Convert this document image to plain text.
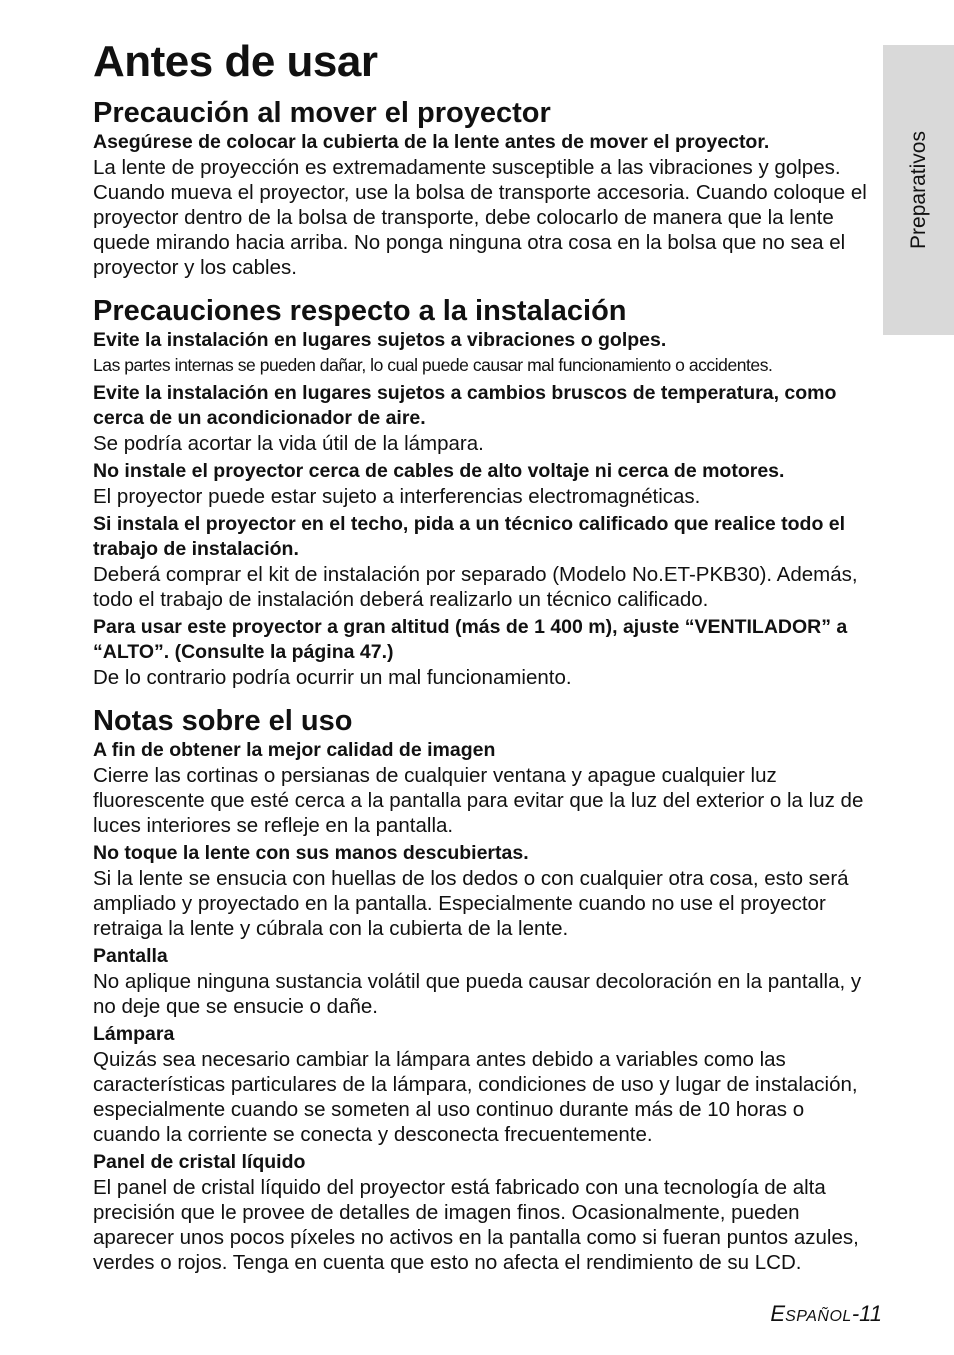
Antes de usar
Preparativos
Precaución al mover el proyector

Asegúrese de colocar la cubierta de la lente antes de mover el proyector.

La lente de proyección es extremadamente susceptible a las vibraciones y golpes. Cuando mueva el proyector, use la bolsa de transporte accesoria. Cuando coloque el proyector dentro de la bolsa de transporte, debe colocarlo de manera que la lente quede mirando hacia arriba. No ponga ninguna otra cosa en la bolsa que no sea el proyector y los cables.

Precauciones respecto a la instalación

Evite la instalación en lugares sujetos a vibraciones o golpes.

Las partes internas se pueden dañar, lo cual puede causar mal funcionamiento o accidentes.

Evite la instalación en lugares sujetos a cambios bruscos de temperatura, como cerca de un acondicionador de aire.

Se podría acortar la vida útil de la lámpara.

No instale el proyector cerca de cables de alto voltaje ni cerca de motores.

El proyector puede estar sujeto a interferencias electromagnéticas.

Si instala el proyector en el techo, pida a un técnico calificado que realice todo el trabajo de instalación.

Deberá comprar el kit de instalación por separado (Modelo No.ET-PKB30). Además, todo el trabajo de instalación deberá realizarlo un técnico calificado.

Para usar este proyector a gran altitud (más de 1 400 m), ajuste “VENTILADOR” a “ALTO”. (Consulte la página 47.)

De lo contrario podría ocurrir un mal funcionamiento.

Notas sobre el uso

A fin de obtener la mejor calidad de imagen

Cierre las cortinas o persianas de cualquier ventana y apague cualquier luz fluorescente que esté cerca a la pantalla para evitar que la luz del exterior o la luz de luces interiores se refleje en la pantalla.

No toque la lente con sus manos descubiertas.

Si la lente se ensucia con huellas de los dedos o con cualquier otra cosa, esto será ampliado y proyectado en la pantalla. Especialmente cuando no use el proyector retraiga la lente y cúbrala con la cubierta de la lente.

Pantalla

No aplique ninguna sustancia volátil que pueda causar decoloración en la pantalla, y no deje que se ensucie o dañe.

Lámpara

Quizás sea necesario cambiar la lámpara antes debido a variables como las características particulares de la lámpara, condiciones de uso y lugar de instalación, especialmente cuando se someten al uso continuo durante más de 10 horas o cuando la corriente se conecta y desconecta frecuentemente.

Panel de cristal líquido

El panel de cristal líquido del proyector está fabricado con una tecnología de alta precisión que le provee de detalles de imagen finos. Ocasionalmente, pueden aparecer unos pocos píxeles no activos en la pantalla como si fueran puntos azules, verdes o rojos. Tenga en cuenta que esto no afecta el rendimiento de su LCD.

ESPAÑOL-11
